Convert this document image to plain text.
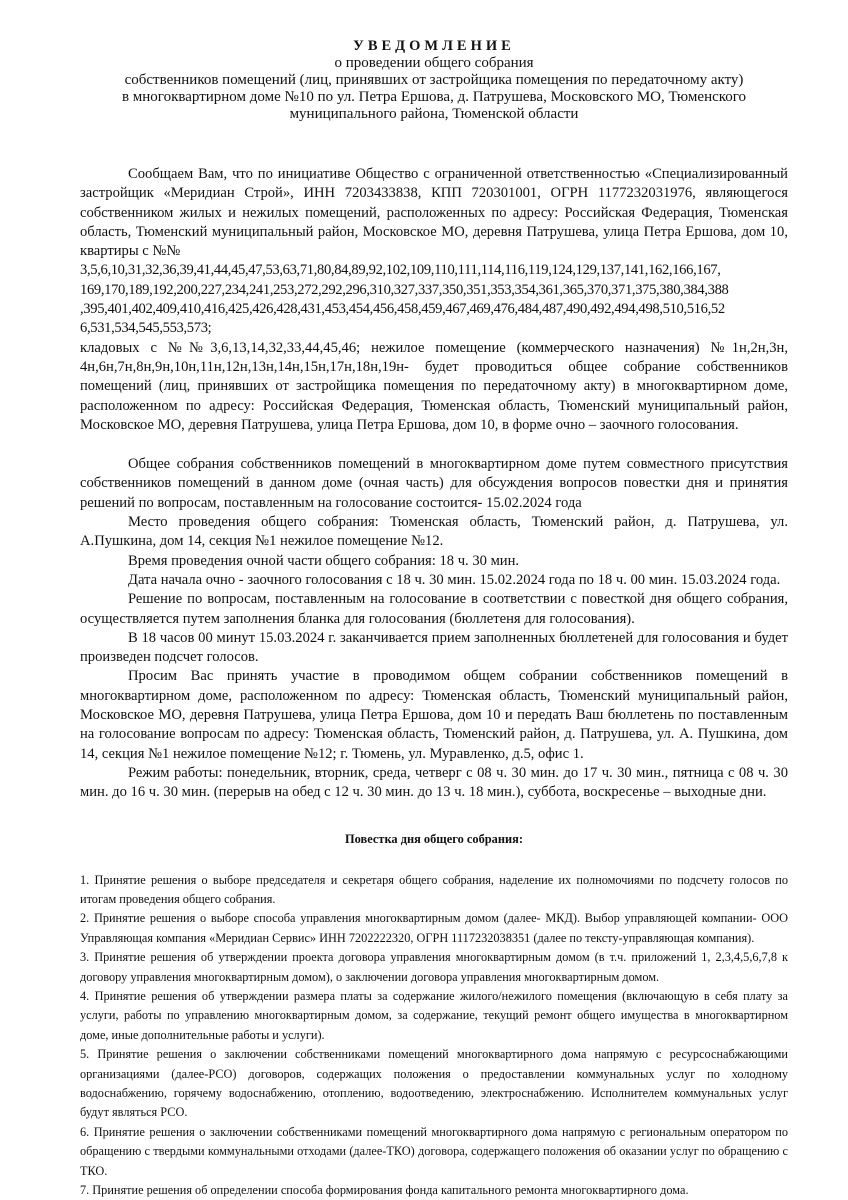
УВЕДОМЛЕНИЕ
о проведении общего собрания
собственников помещений (лиц, принявших от застройщика помещения по передаточному акту)
в многоквартирном доме №10 по ул. Петра Ершова, д. Патрушева, Московского МО, Тюменского
муниципального района, Тюменской области

Сообщаем Вам, что по инициативе Общество с ограниченной ответственностью «Специализированный застройщик «Меридиан Строй», ИНН 7203433838, КПП 720301001, ОГРН 1177232031976, являющегося собственником жилых и нежилых помещений, расположенных по адресу: Российская Федерация, Тюменская область, Тюменский муниципальный район, Московское МО, деревня Патрушева, улица Петра Ершова, дом 10, квартиры с №№

3,5,6,10,31,32,36,39,41,44,45,47,53,63,71,80,84,89,92,102,109,110,111,114,116,119,124,129,137,141,162,166,167, 169,170,189,192,200,227,234,241,253,272,292,296,310,327,337,350,351,353,354,361,365,370,371,375,380,384,388 ,395,401,402,409,410,416,425,426,428,431,453,454,456,458,459,467,469,476,484,487,490,492,494,498,510,516,52 6,531,534,545,553,573;

кладовых с №№3,6,13,14,32,33,44,45,46; нежилое помещение (коммерческого назначения) №1н,2н,3н, 4н,6н,7н,8н,9н,10н,11н,12н,13н,14н,15н,17н,18н,19н- будет проводиться общее собрание собственников помещений (лиц, принявших от застройщика помещения по передаточному акту) в многоквартирном доме, расположенном по адресу: Российская Федерация, Тюменская область, Тюменский муниципальный район, Московское МО, деревня Патрушева, улица Петра Ершова, дом 10, в форме очно – заочного голосования.

Общее собрания собственников помещений в многоквартирном доме путем совместного присутствия собственников помещений в данном доме (очная часть) для обсуждения вопросов повестки дня и принятия решений по вопросам, поставленным на голосование состоится- 15.02.2024 года

Место проведения общего собрания: Тюменская область, Тюменский район, д. Патрушева, ул. А.Пушкина, дом 14, секция №1 нежилое помещение №12.

Время проведения очной части общего собрания: 18 ч. 30 мин.

Дата начала очно - заочного голосования с 18 ч. 30 мин. 15.02.2024 года по 18 ч. 00 мин. 15.03.2024 года.

Решение по вопросам, поставленным на голосование в соответствии с повесткой дня общего собрания, осуществляется путем заполнения бланка для голосования (бюллетеня для голосования).

В 18 часов 00 минут 15.03.2024 г. заканчивается прием заполненных бюллетеней для голосования и будет произведен подсчет голосов.

Просим Вас принять участие в проводимом общем собрании собственников помещений в многоквартирном доме, расположенном по адресу: Тюменская область, Тюменский муниципальный район, Московское МО, деревня Патрушева, улица Петра Ершова, дом 10 и передать Ваш бюллетень по поставленным на голосование вопросам по адресу: Тюменская область, Тюменский район, д. Патрушева, ул. А. Пушкина, дом 14, секция №1 нежилое помещение №12; г. Тюмень, ул. Муравленко, д.5, офис 1.

Режим работы: понедельник, вторник, среда, четверг с 08 ч. 30 мин. до 17 ч. 30 мин., пятница с 08 ч. 30 мин. до 16 ч. 30 мин. (перерыв на обед с 12 ч. 30 мин. до 13 ч. 18 мин.), суббота, воскресенье – выходные дни.

Повестка дня общего собрания:

1. Принятие решения о выборе председателя и секретаря общего собрания, наделение их полномочиями по подсчету голосов по итогам проведения общего собрания.

2. Принятие решения о выборе способа управления многоквартирным домом (далее- МКД). Выбор управляющей компании- ООО Управляющая компания «Меридиан Сервис» ИНН 7202222320, ОГРН 1117232038351 (далее по тексту-управляющая компания).

3. Принятие решения об утверждении проекта договора управления многоквартирным домом (в т.ч. приложений 1, 2,3,4,5,6,7,8 к договору управления многоквартирным домом), о заключении договора управления многоквартирным домом.

4. Принятие решения об утверждении размера платы за содержание жилого/нежилого помещения (включающую в себя плату за услуги, работы по управлению многоквартирным домом, за содержание, текущий ремонт общего имущества в многоквартирном доме, иные дополнительные работы и услуги).

5. Принятие решения о заключении собственниками помещений многоквартирного дома напрямую с ресурсоснабжающими организациями (далее-РСО) договоров, содержащих положения о предоставлении коммунальных услуг по холодному водоснабжению, горячему водоснабжению, отоплению, водоотведению, электроснабжению. Исполнителем коммунальных услуг будут являться РСО.

6. Принятие решения о заключении собственниками помещений многоквартирного дома напрямую с региональным оператором по обращению с твердыми коммунальными отходами (далее-ТКО) договора, содержащего положения об оказании услуг по обращению с ТКО.

7. Принятие решения об определении способа формирования фонда капитального ремонта многоквартирного дома.
